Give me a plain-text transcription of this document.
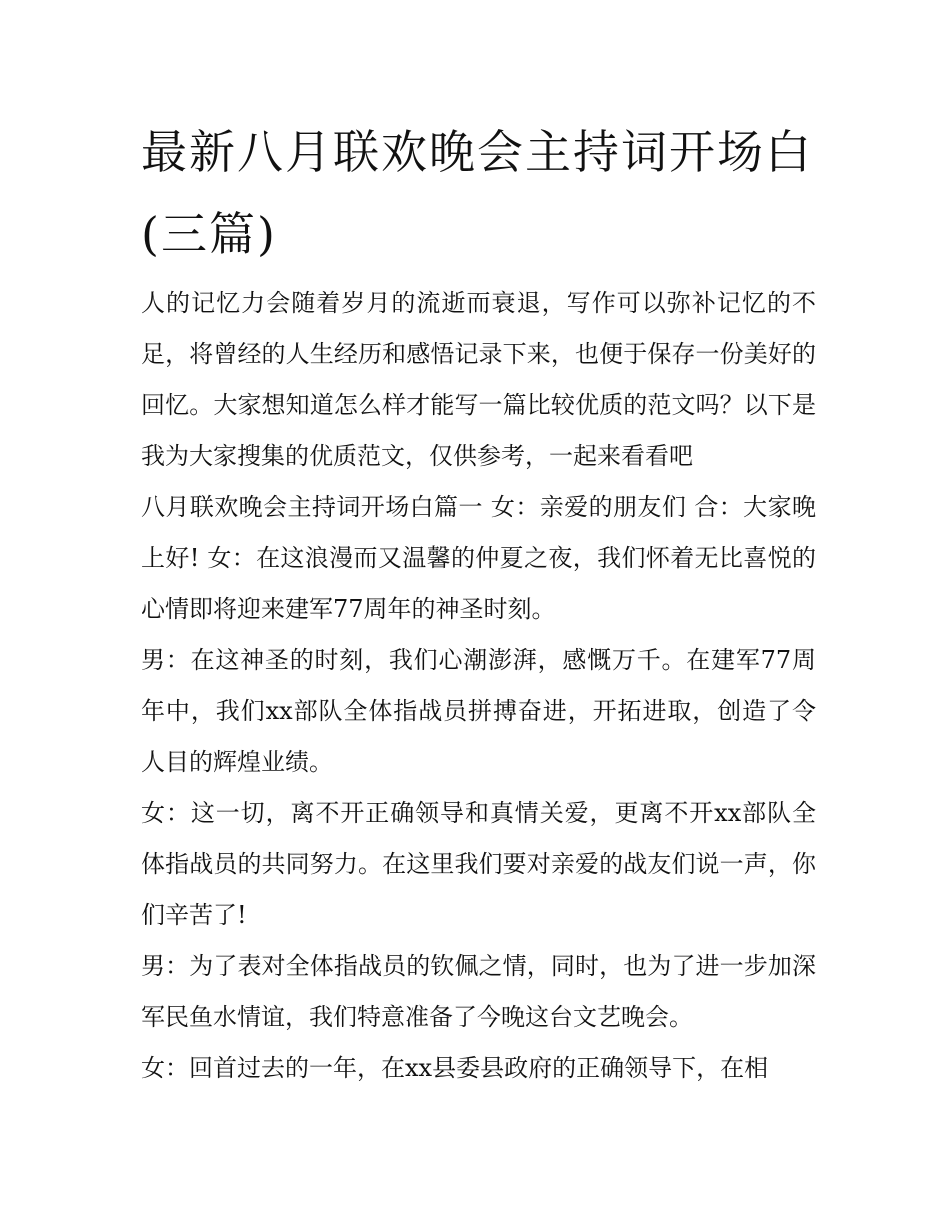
最新八月联欢晚会主持词开场白(三篇)

人的记忆力会随着岁月的流逝而衰退，写作可以弥补记忆的不足，将曾经的人生经历和感悟记录下来，也便于保存一份美好的回忆。大家想知道怎么样才能写一篇比较优质的范文吗？以下是我为大家搜集的优质范文，仅供参考，一起来看看吧

八月联欢晚会主持词开场白篇一 女：亲爱的朋友们 合：大家晚上好! 女：在这浪漫而又温馨的仲夏之夜，我们怀着无比喜悦的心情即将迎来建军77周年的神圣时刻。

男：在这神圣的时刻，我们心潮澎湃，感慨万千。在建军77周年中，我们xx部队全体指战员拼搏奋进，开拓进取，创造了令人目的辉煌业绩。

女：这一切，离不开正确领导和真情关爱，更离不开xx部队全体指战员的共同努力。在这里我们要对亲爱的战友们说一声，你们辛苦了!

男：为了表对全体指战员的钦佩之情，同时，也为了进一步加深军民鱼水情谊，我们特意准备了今晚这台文艺晚会。

女：回首过去的一年，在xx县委县政府的正确领导下，在相
